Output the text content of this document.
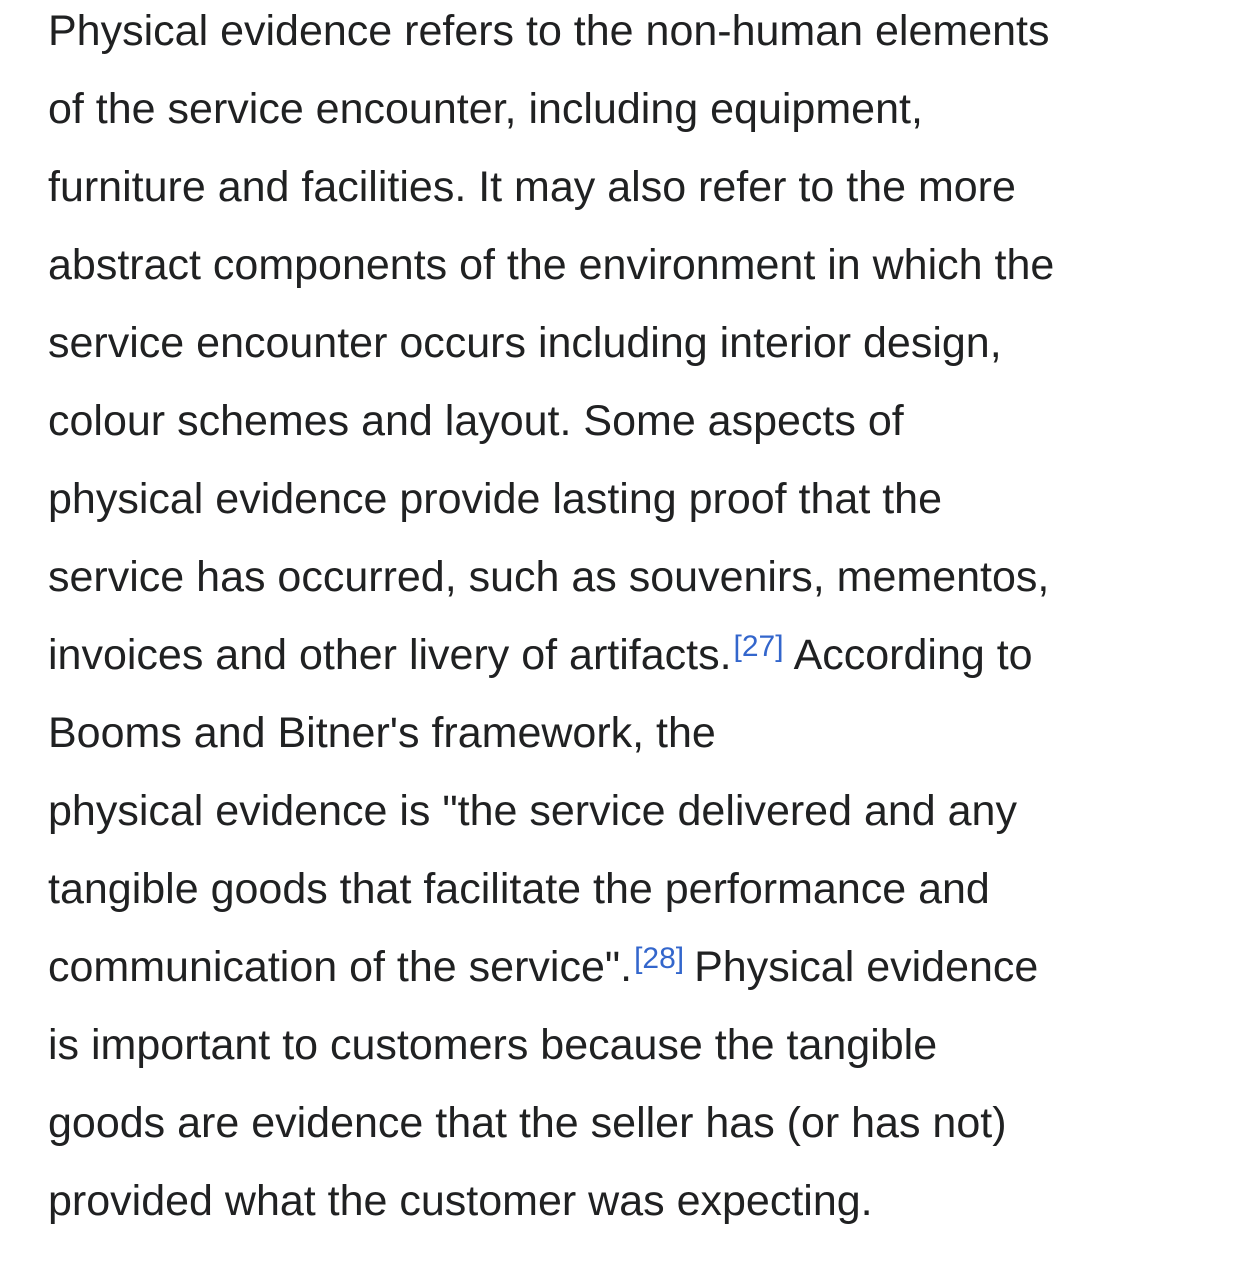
Physical evidence refers to the non-human elements
of the service encounter, including equipment,
furniture and facilities. It may also refer to the more
abstract components of the environment in which the
service encounter occurs including interior design,
colour schemes and layout. Some aspects of
physical evidence provide lasting proof that the
service has occurred, such as souvenirs, mementos,
invoices and other livery of artifacts.[27] According to
Booms and Bitner's framework, the
physical evidence is "the service delivered and any
tangible goods that facilitate the performance and
communication of the service".[28] Physical evidence
is important to customers because the tangible
goods are evidence that the seller has (or has not)
provided what the customer was expecting.
